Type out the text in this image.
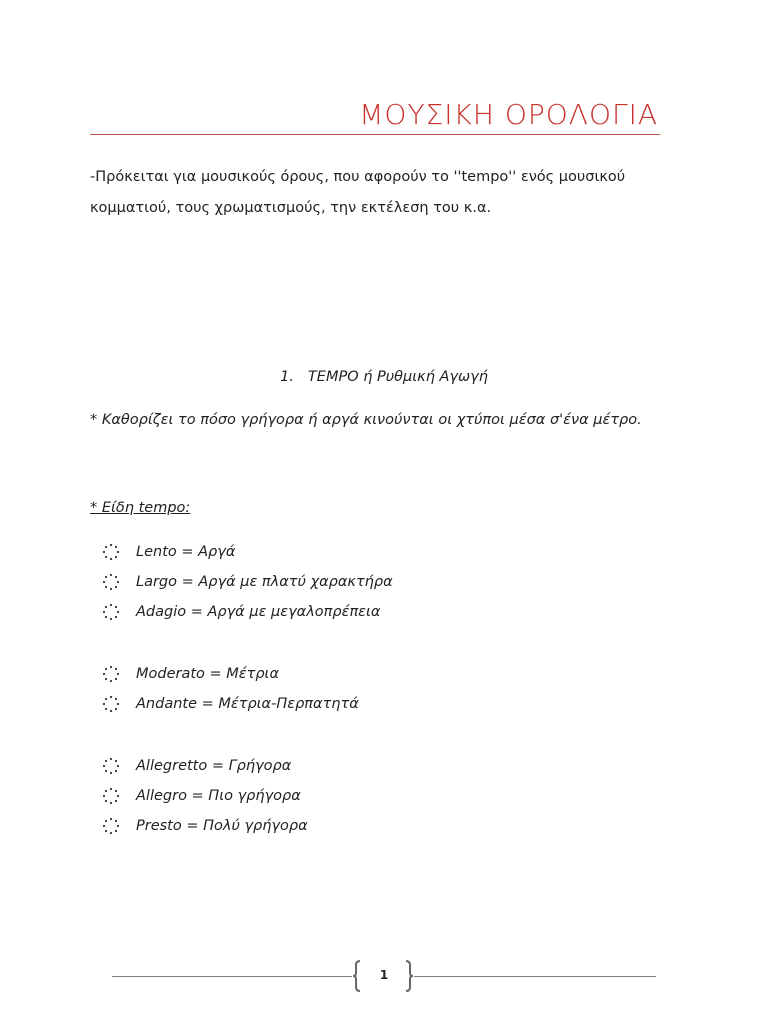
ΜΟΥΣΙΚΗ ΟΡΟΛΟΓΙΑ

-Πρόκειται για μουσικούς όρους, που αφορούν το ''tempo'' ενός μουσικού
κομματιού, τους χρωματισμούς, την εκτέλεση του κ.α.

1. ΤΕΜΡΟ ή Ρυθμική Αγωγή
* Καθορίζει το πόσο γρήγορα ή αργά κινούνται οι χτύποι μέσα σ'ένα μέτρο.
* Είδη tempo:
Lento = Αργά
Largo = Αργά με πλατύ χαρακτήρα
Adagio = Αργά με μεγαλοπρέπεια
Moderato = Μέτρια
Andante = Μέτρια-Περπατητά
Allegretto = Γρήγορα
Allegro = Πιο γρήγορα
Presto = Πολύ γρήγορα
1
